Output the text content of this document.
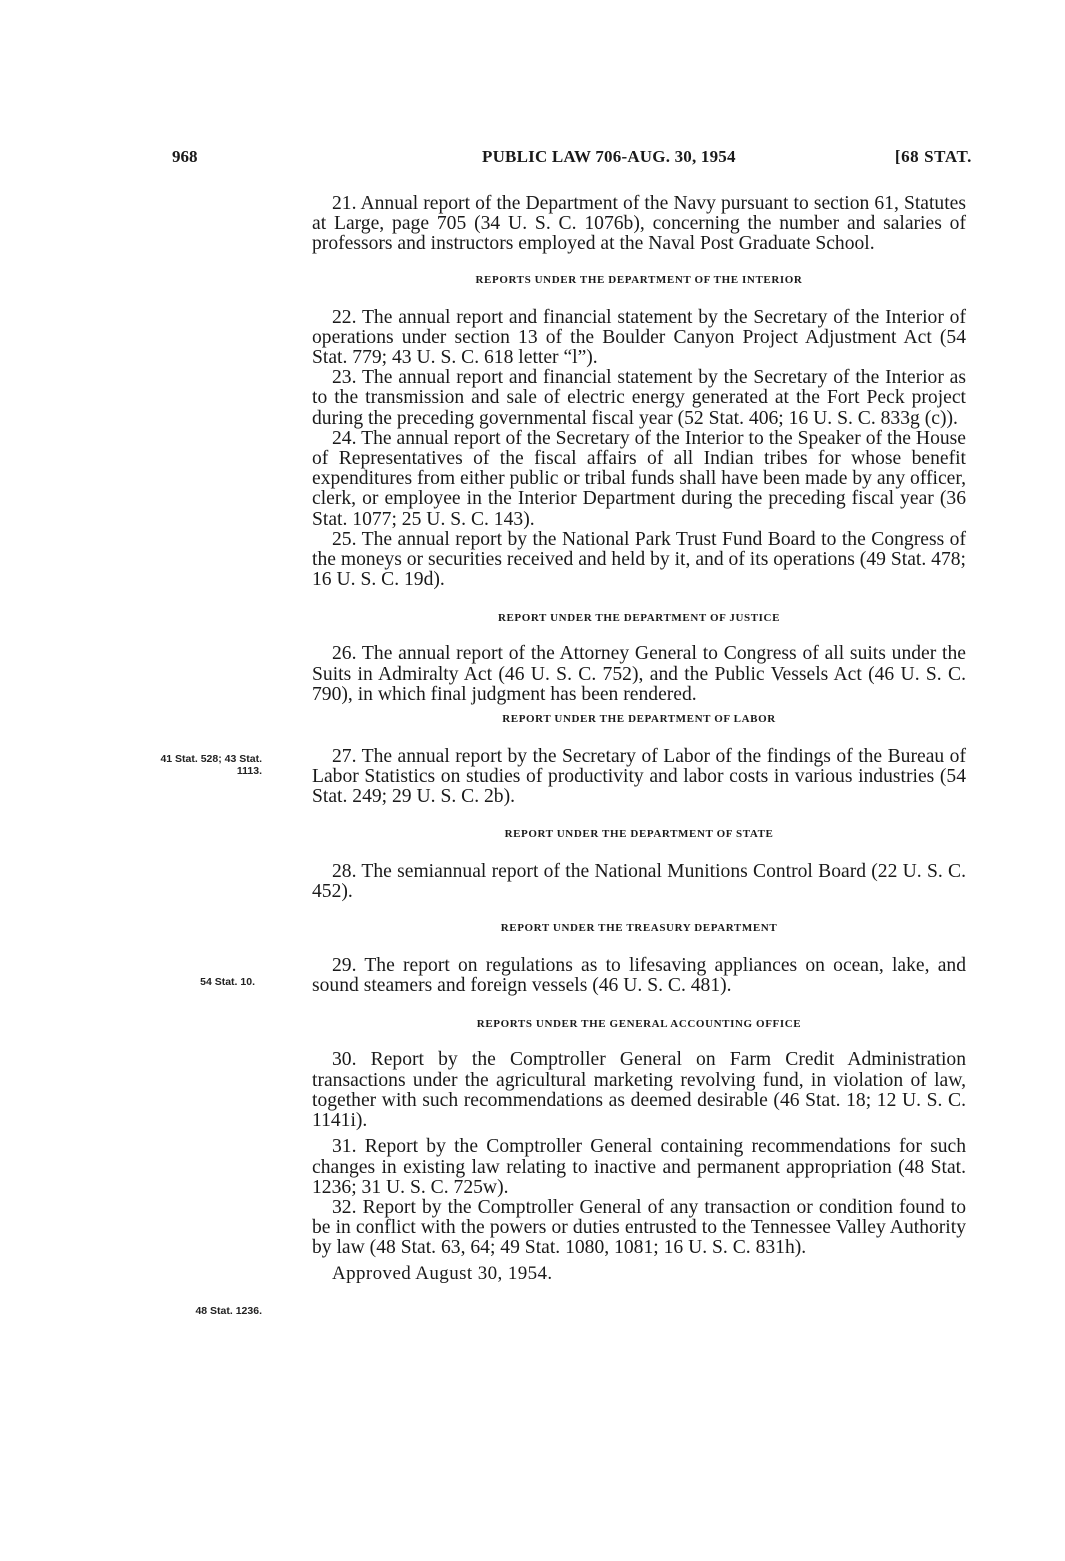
968	PUBLIC LAW 706-AUG. 30, 1954	[68 STAT.

21. Annual report of the Department of the Navy pursuant to section 61, Statutes at Large, page 705 (34 U. S. C. 1076b), concerning the number and salaries of professors and instructors employed at the Naval Post Graduate School.

REPORTS UNDER THE DEPARTMENT OF THE INTERIOR

22. The annual report and financial statement by the Secretary of the Interior of operations under section 13 of the Boulder Canyon Project Adjustment Act (54 Stat. 779; 43 U. S. C. 618 letter “l”).

23. The annual report and financial statement by the Secretary of the Interior as to the transmission and sale of electric energy generated at the Fort Peck project during the preceding governmental fiscal year (52 Stat. 406; 16 U. S. C. 833g (c)).

24. The annual report of the Secretary of the Interior to the Speaker of the House of Representatives of the fiscal affairs of all Indian tribes for whose benefit expenditures from either public or tribal funds shall have been made by any officer, clerk, or employee in the Interior Department during the preceding fiscal year (36 Stat. 1077; 25 U. S. C. 143).

25. The annual report by the National Park Trust Fund Board to the Congress of the moneys or securities received and held by it, and of its operations (49 Stat. 478; 16 U. S. C. 19d).

REPORT UNDER THE DEPARTMENT OF JUSTICE

26. The annual report of the Attorney General to Congress of all suits under the Suits in Admiralty Act (46 U. S. C. 752), and the Public Vessels Act (46 U. S. C. 790), in which final judgment has been rendered.

REPORT UNDER THE DEPARTMENT OF LABOR

27. The annual report by the Secretary of Labor of the findings of the Bureau of Labor Statistics on studies of productivity and labor costs in various industries (54 Stat. 249; 29 U. S. C. 2b).

REPORT UNDER THE DEPARTMENT OF STATE

28. The semiannual report of the National Munitions Control Board (22 U. S. C. 452).

REPORT UNDER THE TREASURY DEPARTMENT

29. The report on regulations as to lifesaving appliances on ocean, lake, and sound steamers and foreign vessels (46 U. S. C. 481).

REPORTS UNDER THE GENERAL ACCOUNTING OFFICE

30. Report by the Comptroller General on Farm Credit Administration transactions under the agricultural marketing revolving fund, in violation of law, together with such recommendations as deemed desirable (46 Stat. 18; 12 U. S. C. 1141i).

31. Report by the Comptroller General containing recommendations for such changes in existing law relating to inactive and permanent appropriation (48 Stat. 1236; 31 U. S. C. 725w).

32. Report by the Comptroller General of any transaction or condition found to be in conflict with the powers or duties entrusted to the Tennessee Valley Authority by law (48 Stat. 63, 64; 49 Stat. 1080, 1081; 16 U. S. C. 831h).

Approved August 30, 1954.

41 Stat. 528; 43 Stat. 1113.
54 Stat. 10.
48 Stat. 1236.
